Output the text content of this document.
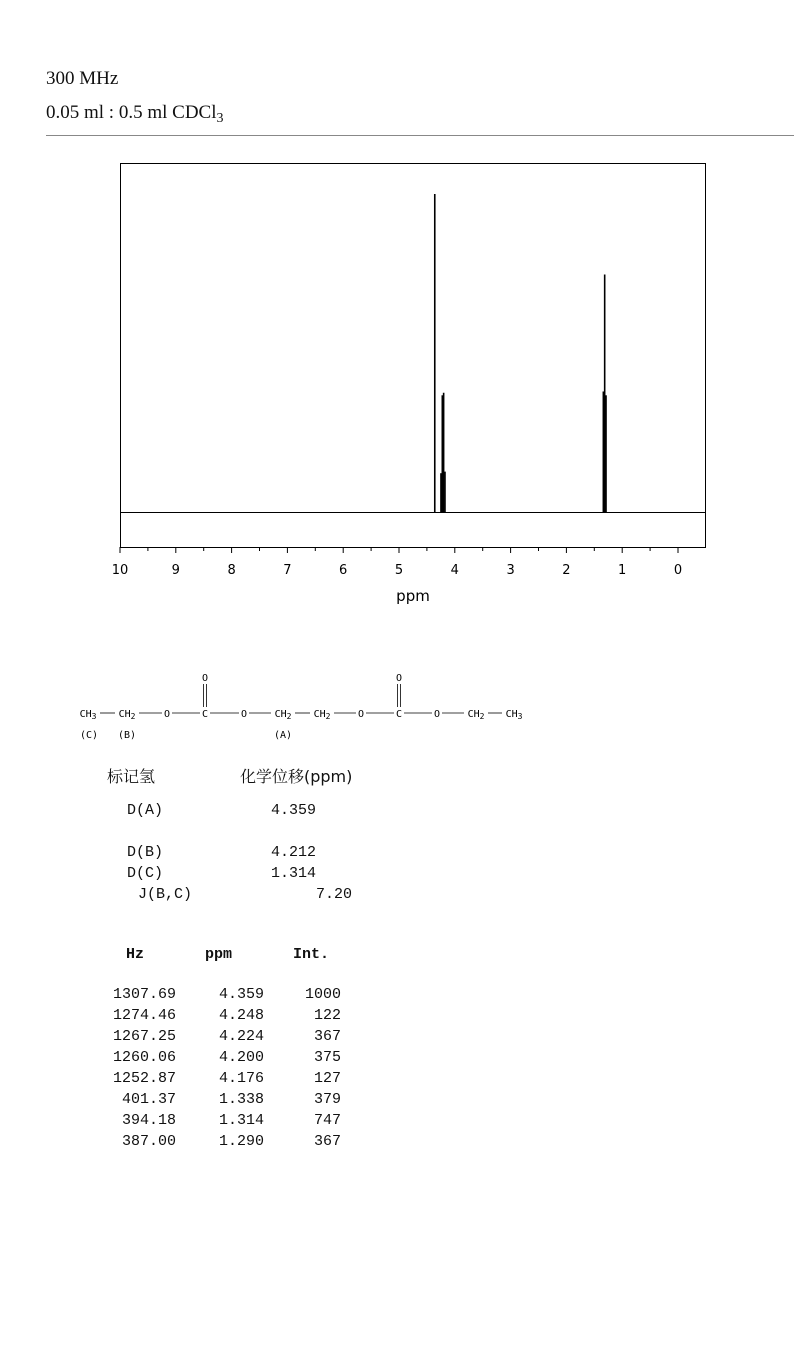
300 MHz
0.05 ml : 0.5 ml CDCl$_3$
10	9	8	7	6	5	4	3	2	1	0
ppm
$CH_3$ $CH_2$	O	C	O	$CH_2$ $CH_2$	O	C	O	$CH_2$ $CH_3$
O	O
(C) (B)	(A)
标记氢	化学位移(ppm)
D(A)	4.359
D(B)	4.212
D(C)	1.314
J(B,C)	7.20
Hz	ppm	Int.
1307.69	4.359	1000
1274.46	4.248	122
1267.25	4.224	367
1260.06	4.200	375
1252.87	4.176	127
401.37	1.338	379
394.18	1.314	747
387.00	1.290	367
